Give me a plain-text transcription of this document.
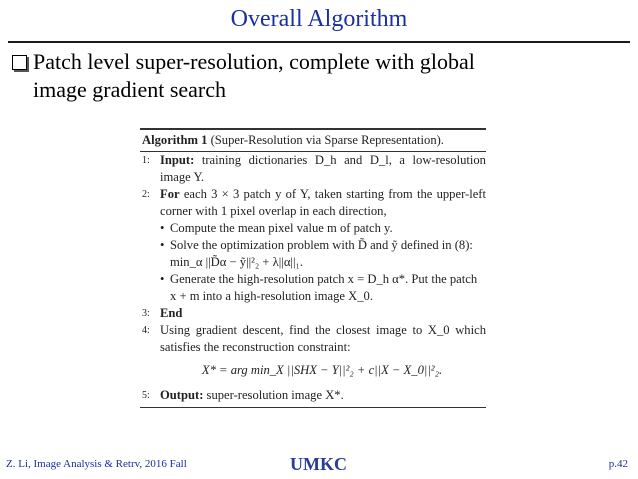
Overall Algorithm
Patch level super-resolution, complete with global
image gradient search
Algorithm 1 (Super-Resolution via Sparse Representation).
1: Input: training dictionaries D_h and D_l, a low-resolution image Y.
2: For each 3 × 3 patch y of Y, taken starting from the upper-left corner with 1 pixel overlap in each direction,
• Compute the mean pixel value m of patch y.
• Solve the optimization problem with D̃ and ỹ defined in (8): min_α ||D̃α − ỹ||²₂ + λ||α||₁.
• Generate the high-resolution patch x = D_h α*. Put the patch x + m into a high-resolution image X_0.
3: End
4: Using gradient descent, find the closest image to X_0 which satisfies the reconstruction constraint:
X* = arg min_X ||SHX − Y||²₂ + c||X − X_0||²₂.
5: Output: super-resolution image X*.
Z. Li, Image Analysis & Retrv, 2016 Fall	UMKC	p.42
